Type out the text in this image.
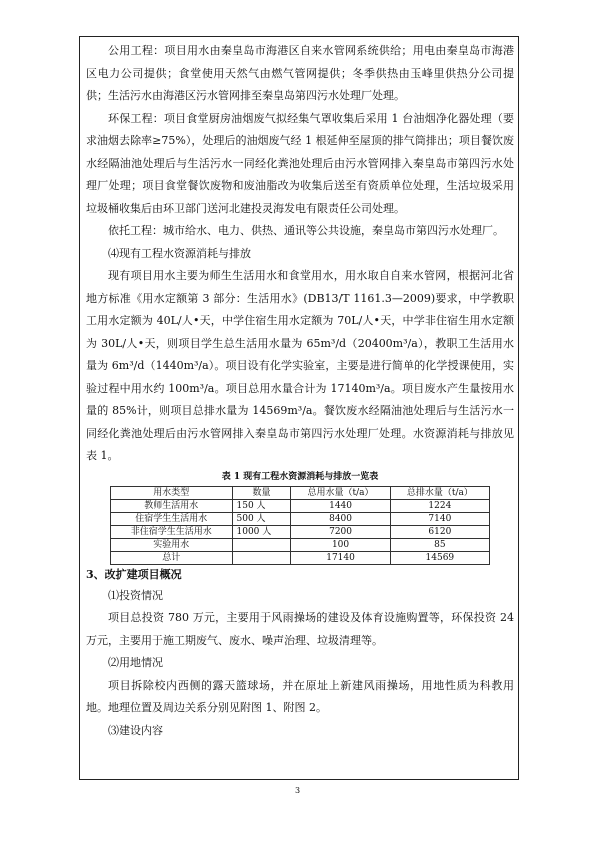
公用工程：项目用水由秦皇岛市海港区自来水管网系统供给；用电由秦皇岛市海港区电力公司提供；食堂使用天然气由燃气管网提供；冬季供热由玉峰里供热分公司提供；生活污水由海港区污水管网排至秦皇岛第四污水处理厂处理。

环保工程：项目食堂厨房油烟废气拟经集气罩收集后采用 1 台油烟净化器处理（要求油烟去除率≥75%），处理后的油烟废气经 1 根延伸至屋顶的排气筒排出；项目餐饮废水经隔油池处理后与生活污水一同经化粪池处理后由污水管网排入秦皇岛市第四污水处理厂处理；项目食堂餐饮废物和废油脂改为收集后送至有资质单位处理，生活垃圾采用垃圾桶收集后由环卫部门送河北建投灵海发电有限责任公司处理。

依托工程：城市给水、电力、供热、通讯等公共设施，秦皇岛市第四污水处理厂。

⑷现有工程水资源消耗与排放

现有项目用水主要为师生生活用水和食堂用水，用水取自自来水管网，根据河北省地方标准《用水定额第 3 部分：生活用水》(DB13/T 1161.3—2009)要求，中学教职工用水定额为 40L/人•天，中学住宿生用水定额为 70L/人•天，中学非住宿生用水定额为 30L/人•天，则项目学生总生活用水量为 65m³/d（20400m³/a），教职工生活用水量为 6m³/d（1440m³/a）。项目设有化学实验室，主要是进行简单的化学授课使用，实验过程中用水约 100m³/a。项目总用水量合计为 17140m³/a。项目废水产生量按用水量的 85%计，则项目总排水量为 14569m³/a。餐饮废水经隔油池处理后与生活污水一同经化粪池处理后由污水管网排入秦皇岛市第四污水处理厂处理。水资源消耗与排放见表 1。

表 1 现有工程水资源消耗与排放一览表
用水类型	数量	总用水量（t/a）	总排水量（t/a）
教师生活用水	150 人	1440	1224
住宿学生生活用水	500 人	8400	7140
非住宿学生生活用水	1000 人	7200	6120
实验用水		100	85
总计		17140	14569
3、改扩建项目概况

⑴投资情况

项目总投资 780 万元，主要用于风雨操场的建设及体育设施购置等，环保投资 24 万元，主要用于施工期废气、废水、噪声治理、垃圾清理等。

⑵用地情况

项目拆除校内西侧的露天篮球场，并在原址上新建风雨操场，用地性质为科教用地。地理位置及周边关系分别见附图 1、附图 2。

⑶建设内容

3
